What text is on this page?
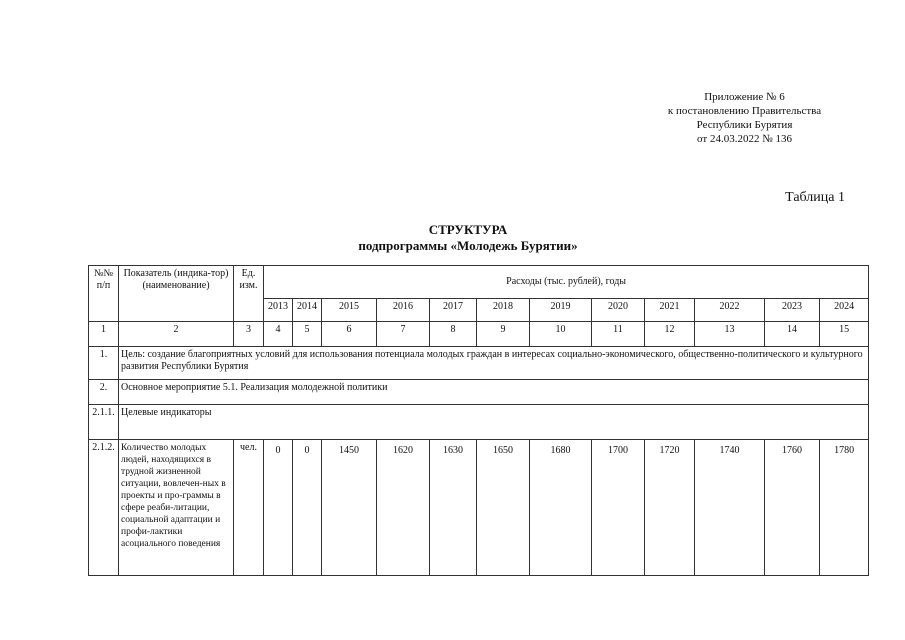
Приложение № 6
к постановлению Правительства
Республики Бурятия
от 24.03.2022 № 136
Таблица 1
СТРУКТУРА
подпрограммы «Молодежь Бурятии»
№№ п/п	Показатель (индика-тор) (наименование)	Ед. изм.	Расходы (тыс. рублей), годы											
			2013	2014	2015	2016	2017	2018	2019	2020	2021	2022	2023	2024
1	2	3	4	5	6	7	8	9	10	11	12	13	14	15
1.	Цель: создание благоприятных условий для использования потенциала молодых граждан в интересах социально-экономического, общественно-политического и культурного развития Республики Бурятия													
2.	Основное мероприятие 5.1. Реализация молодежной политики													
2.1.1.	Целевые индикаторы													
2.1.2.	Количество молодых людей, находящихся в трудной жизненной ситуации, вовлечен-ных в проекты и про-граммы в сфере реаби-литации, социальной адаптации и профи-лактики асоциального поведения	чел.	0	0	1450	1620	1630	1650	1680	1700	1720	1740	1760	1780
